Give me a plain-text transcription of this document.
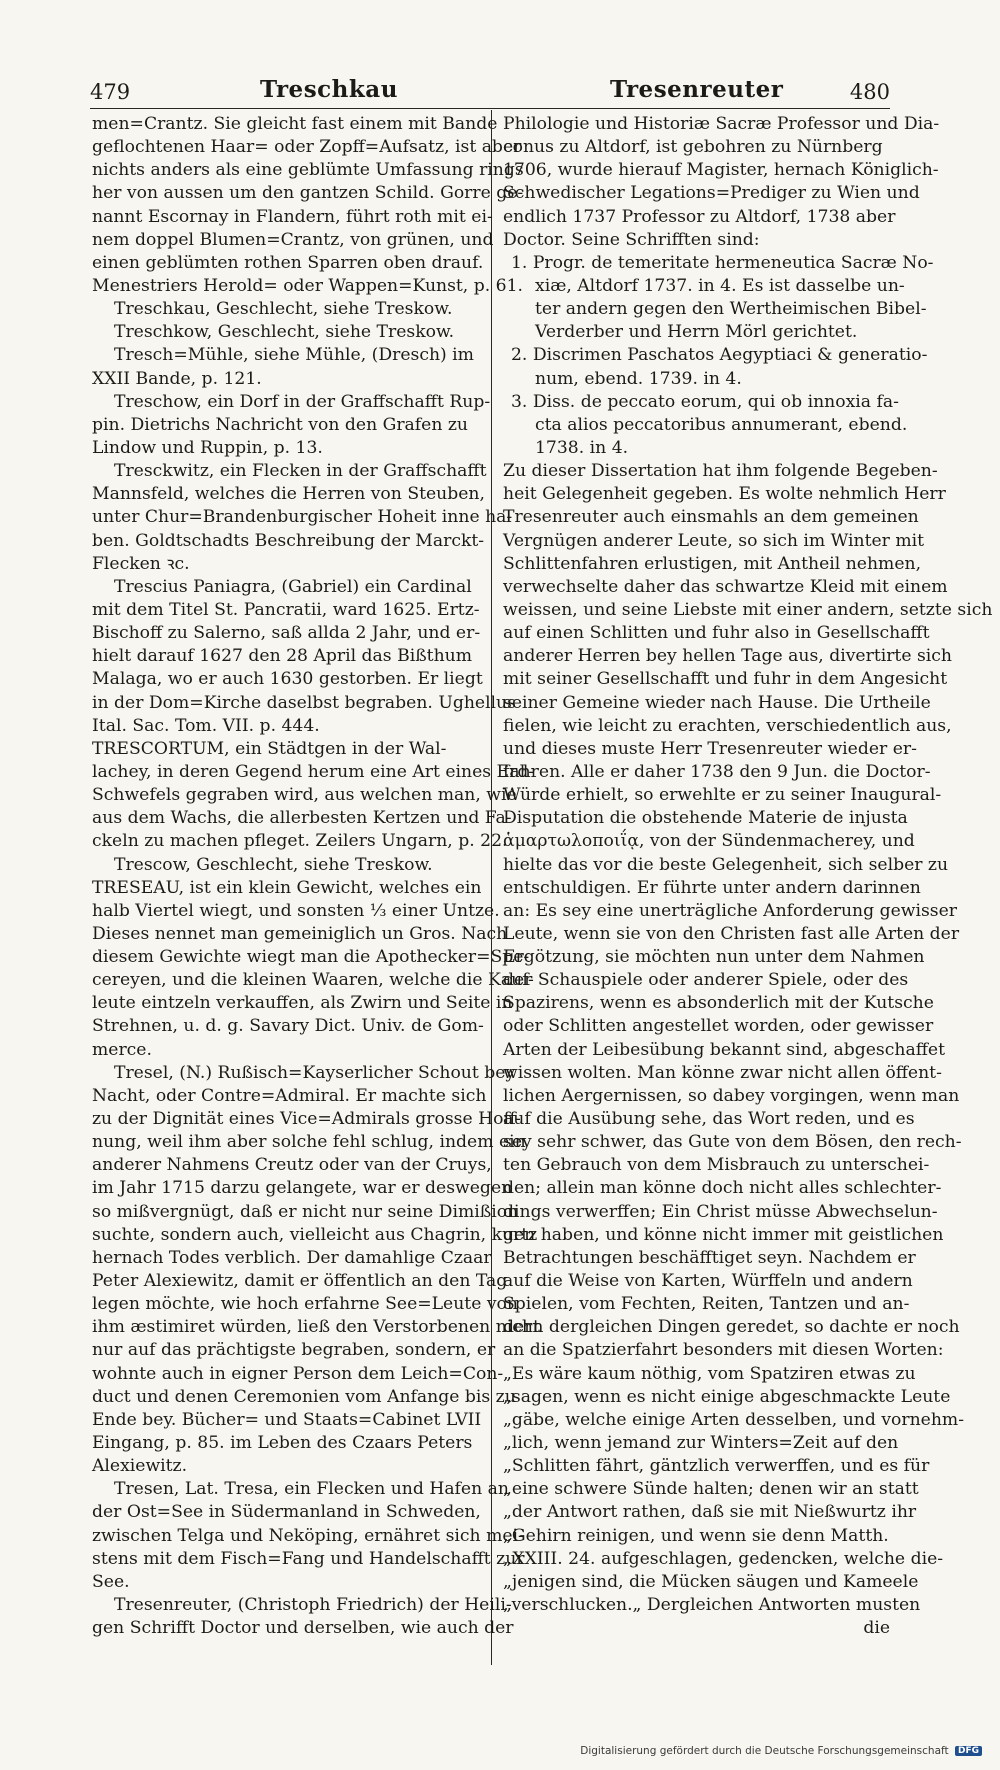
479	Treschkau	Tresenreuter	480
men=Crantz. Sie gleicht fast einem mit Bande
geflochtenen Haar= oder Zopff=Aufsatz, ist aber
nichts anders als eine geblümte Umfassung rings
her von aussen um den gantzen Schild. Gorre ge-
nannt Escornay in Flandern, führt roth mit ei-
nem doppel Blumen=Crantz, von grünen, und
einen geblümten rothen Sparren oben drauf.
Menestriers Herold= oder Wappen=Kunst, p. 61.
Treschkau, Geschlecht, siehe Treskow.
Treschkow, Geschlecht, siehe Treskow.
Tresch=Mühle, siehe Mühle, (Dresch) im
XXII Bande, p. 121.
Treschow, ein Dorf in der Graffschafft Rup-
pin. Dietrichs Nachricht von den Grafen zu
Lindow und Ruppin, p. 13.
Tresckwitz, ein Flecken in der Graffschafft
Mannsfeld, welches die Herren von Steuben,
unter Chur=Brandenburgischer Hoheit inne ha-
ben. Goldtschadts Beschreibung der Marckt-
Flecken ꝛc.
Trescius Paniagra, (Gabriel) ein Cardinal
mit dem Titel St. Pancratii, ward 1625. Ertz-
Bischoff zu Salerno, saß allda 2 Jahr, und er-
hielt darauf 1627 den 28 April das Bißthum
Malaga, wo er auch 1630 gestorben. Er liegt
in der Dom=Kirche daselbst begraben. Ughellus
Ital. Sac. Tom. VII. p. 444.
TRESCORTUM, ein Städtgen in der Wal-
lachey, in deren Gegend herum eine Art eines Erd-
Schwefels gegraben wird, aus welchen man, wie
aus dem Wachs, die allerbesten Kertzen und Fa-
ckeln zu machen pfleget. Zeilers Ungarn, p. 22.
Trescow, Geschlecht, siehe Treskow.
TRESEAU, ist ein klein Gewicht, welches ein
halb Viertel wiegt, und sonsten ⅓ einer Untze.
Dieses nennet man gemeiniglich un Gros. Nach
diesem Gewichte wiegt man die Apothecker=Spe-
cereyen, und die kleinen Waaren, welche die Kauf-
leute eintzeln verkauffen, als Zwirn und Seite in
Strehnen, u. d. g. Savary Dict. Univ. de Gom-
merce.
Tresel, (N.) Rußisch=Kayserlicher Schout bey
Nacht, oder Contre=Admiral. Er machte sich
zu der Dignität eines Vice=Admirals grosse Hoff-
nung, weil ihm aber solche fehl schlug, indem ein
anderer Nahmens Creutz oder van der Cruys,
im Jahr 1715 darzu gelangete, war er deswegen
so mißvergnügt, daß er nicht nur seine Dimißion
suchte, sondern auch, vielleicht aus Chagrin, kurtz
hernach Todes verblich. Der damahlige Czaar
Peter Alexiewitz, damit er öffentlich an den Tag
legen möchte, wie hoch erfahrne See=Leute von
ihm æstimiret würden, ließ den Verstorbenen nicht
nur auf das prächtigste begraben, sondern, er
wohnte auch in eigner Person dem Leich=Con-
duct und denen Ceremonien vom Anfange bis zu
Ende bey. Bücher= und Staats=Cabinet LVII
Eingang, p. 85. im Leben des Czaars Peters
Alexiewitz.
Tresen, Lat. Tresa, ein Flecken und Hafen an
der Ost=See in Südermanland in Schweden,
zwischen Telga und Neköping, ernähret sich mei-
stens mit dem Fisch=Fang und Handelschafft zur
See.
Tresenreuter, (Christoph Friedrich) der Heili-
gen Schrifft Doctor und derselben, wie auch der
Philologie und Historiæ Sacræ Professor und Dia-
conus zu Altdorf, ist gebohren zu Nürnberg
1706, wurde hierauf Magister, hernach Königlich-
Schwedischer Legations=Prediger zu Wien und
endlich 1737 Professor zu Altdorf, 1738 aber
Doctor. Seine Schrifften sind:
1. Progr. de temeritate hermeneutica Sacræ No-
xiæ, Altdorf 1737. in 4. Es ist dasselbe un-
ter andern gegen den Wertheimischen Bibel-
Verderber und Herrn Mörl gerichtet.
2. Discrimen Paschatos Aegyptiaci & generatio-
num, ebend. 1739. in 4.
3. Diss. de peccato eorum, qui ob innoxia fa-
cta alios peccatoribus annumerant, ebend.
1738. in 4.
Zu dieser Dissertation hat ihm folgende Begeben-
heit Gelegenheit gegeben. Es wolte nehmlich Herr
Tresenreuter auch einsmahls an dem gemeinen
Vergnügen anderer Leute, so sich im Winter mit
Schlittenfahren erlustigen, mit Antheil nehmen,
verwechselte daher das schwartze Kleid mit einem
weissen, und seine Liebste mit einer andern, setzte sich
auf einen Schlitten und fuhr also in Gesellschafft
anderer Herren bey hellen Tage aus, divertirte sich
mit seiner Gesellschafft und fuhr in dem Angesicht
seiner Gemeine wieder nach Hause. Die Urtheile
fielen, wie leicht zu erachten, verschiedentlich aus,
und dieses muste Herr Tresenreuter wieder er-
fahren. Alle er daher 1738 den 9 Jun. die Doctor-
Würde erhielt, so erwehlte er zu seiner Inaugural-
Disputation die obstehende Materie de injusta
ἁμαρτωλοποιΐᾳ, von der Sündenmacherey, und
hielte das vor die beste Gelegenheit, sich selber zu
entschuldigen. Er führte unter andern darinnen
an: Es sey eine unerträgliche Anforderung gewisser
Leute, wenn sie von den Christen fast alle Arten der
Ergötzung, sie möchten nun unter dem Nahmen
der Schauspiele oder anderer Spiele, oder des
Spazirens, wenn es absonderlich mit der Kutsche
oder Schlitten angestellet worden, oder gewisser
Arten der Leibesübung bekannt sind, abgeschaffet
wissen wolten. Man könne zwar nicht allen öffent-
lichen Aergernissen, so dabey vorgingen, wenn man
auf die Ausübung sehe, das Wort reden, und es
sey sehr schwer, das Gute von dem Bösen, den rech-
ten Gebrauch von dem Misbrauch zu unterschei-
den; allein man könne doch nicht alles schlechter-
dings verwerffen; Ein Christ müsse Abwechselun-
gen haben, und könne nicht immer mit geistlichen
Betrachtungen beschäfftiget seyn. Nachdem er
auf die Weise von Karten, Würffeln und andern
Spielen, vom Fechten, Reiten, Tantzen und an-
dern dergleichen Dingen geredet, so dachte er noch
an die Spatzierfahrt besonders mit diesen Worten:
„Es wäre kaum nöthig, vom Spatziren etwas zu
„sagen, wenn es nicht einige abgeschmackte Leute
„gäbe, welche einige Arten desselben, und vornehm-
„lich, wenn jemand zur Winters=Zeit auf den
„Schlitten fährt, gäntzlich verwerffen, und es für
„eine schwere Sünde halten; denen wir an statt
„der Antwort rathen, daß sie mit Nießwurtz ihr
„Gehirn reinigen, und wenn sie denn Matth.
„XXIII. 24. aufgeschlagen, gedencken, welche die-
„jenigen sind, die Mücken säugen und Kameele
„verschlucken.„ Dergleichen Antworten musten
die
Digitalisierung gefördert durch die Deutsche Forschungsgemeinschaft DFG
